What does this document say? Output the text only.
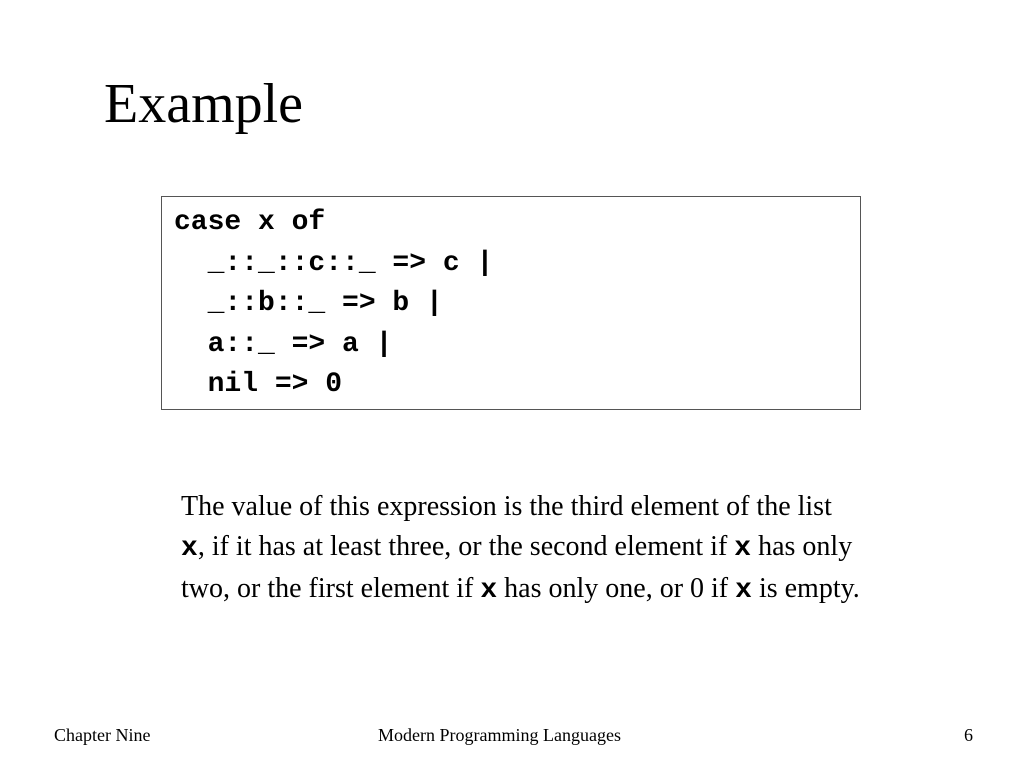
Example
case x of
_::_::c::_ => c |
_::b::_ => b |
a::_ => a |
nil => 0

The value of this expression is the third element of the list x, if it has at least three, or the second element if x has only two, or the first element if x has only one, or 0 if x is empty.

Chapter Nine	Modern Programming Languages	6
